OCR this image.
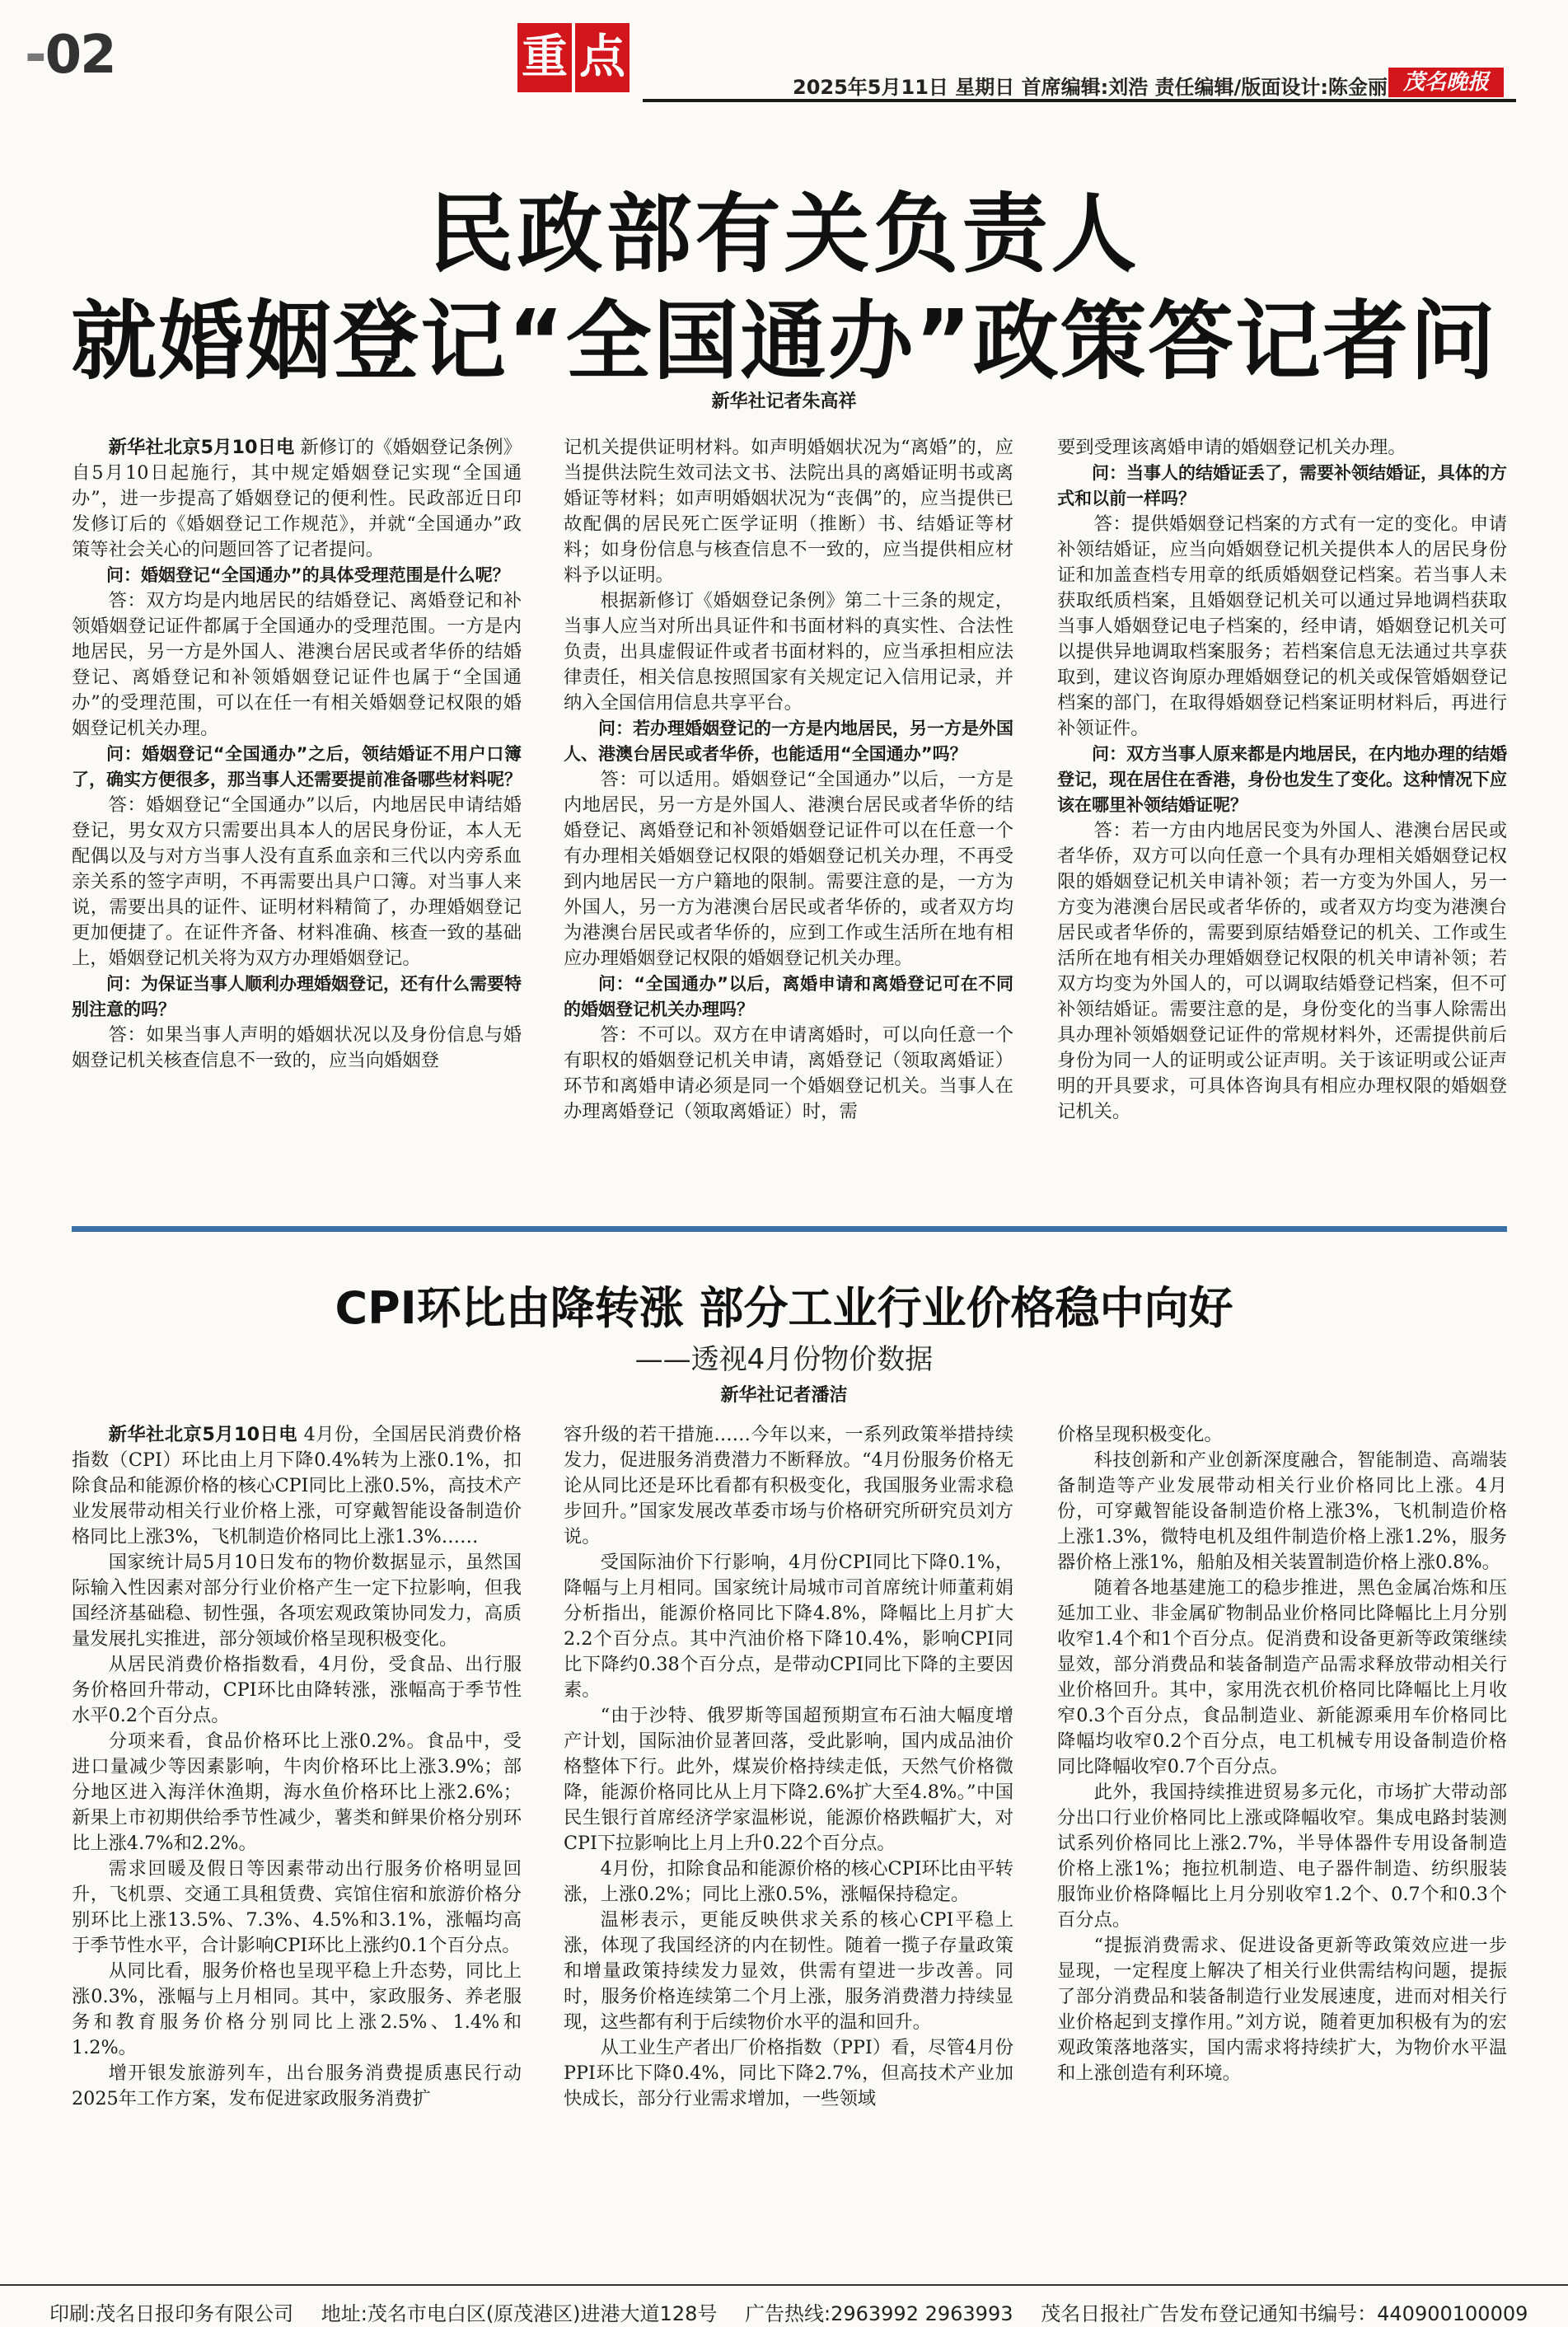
-02	重 点
2025年5月11日 星期日 首席编辑:刘浩 责任编辑/版面设计:陈金丽 茂名晚报
民政部有关负责人
就婚姻登记“全国通办”政策答记者问
新华社记者朱高祥

新华社北京5月10日电 新修订的《婚姻登记条例》自5月10日起施行，其中规定婚姻登记实现“全国通办”，进一步提高了婚姻登记的便利性。民政部近日印发修订后的《婚姻登记工作规范》，并就“全国通办”政策等社会关心的问题回答了记者提问。

问：婚姻登记“全国通办”的具体受理范围是什么呢？

答：双方均是内地居民的结婚登记、离婚登记和补领婚姻登记证件都属于全国通办的受理范围。一方是内地居民，另一方是外国人、港澳台居民或者华侨的结婚登记、离婚登记和补领婚姻登记证件也属于“全国通办”的受理范围，可以在任一有相关婚姻登记权限的婚姻登记机关办理。

问：婚姻登记“全国通办”之后，领结婚证不用户口簿了，确实方便很多，那当事人还需要提前准备哪些材料呢？

答：婚姻登记“全国通办”以后，内地居民申请结婚登记，男女双方只需要出具本人的居民身份证，本人无配偶以及与对方当事人没有直系血亲和三代以内旁系血亲关系的签字声明，不再需要出具户口簿。对当事人来说，需要出具的证件、证明材料精简了，办理婚姻登记更加便捷了。在证件齐备、材料准确、核查一致的基础上，婚姻登记机关将为双方办理婚姻登记。

问：为保证当事人顺利办理婚姻登记，还有什么需要特别注意的吗？

答：如果当事人声明的婚姻状况以及身份信息与婚姻登记机关核查信息不一致的，应当向婚姻登

记机关提供证明材料。如声明婚姻状况为“离婚”的，应当提供法院生效司法文书、法院出具的离婚证明书或离婚证等材料；如声明婚姻状况为“丧偶”的，应当提供已故配偶的居民死亡医学证明（推断）书、结婚证等材料；如身份信息与核查信息不一致的，应当提供相应材料予以证明。

根据新修订《婚姻登记条例》第二十三条的规定，当事人应当对所出具证件和书面材料的真实性、合法性负责，出具虚假证件或者书面材料的，应当承担相应法律责任，相关信息按照国家有关规定记入信用记录，并纳入全国信用信息共享平台。

问：若办理婚姻登记的一方是内地居民，另一方是外国人、港澳台居民或者华侨，也能适用“全国通办”吗？

答：可以适用。婚姻登记“全国通办”以后，一方是内地居民，另一方是外国人、港澳台居民或者华侨的结婚登记、离婚登记和补领婚姻登记证件可以在任意一个有办理相关婚姻登记权限的婚姻登记机关办理，不再受到内地居民一方户籍地的限制。需要注意的是，一方为外国人，另一方为港澳台居民或者华侨的，或者双方均为港澳台居民或者华侨的，应到工作或生活所在地有相应办理婚姻登记权限的婚姻登记机关办理。

问：“全国通办”以后，离婚申请和离婚登记可在不同的婚姻登记机关办理吗？

答：不可以。双方在申请离婚时，可以向任意一个有职权的婚姻登记机关申请，离婚登记（领取离婚证）环节和离婚申请必须是同一个婚姻登记机关。当事人在办理离婚登记（领取离婚证）时，需

要到受理该离婚申请的婚姻登记机关办理。

问：当事人的结婚证丢了，需要补领结婚证，具体的方式和以前一样吗？

答：提供婚姻登记档案的方式有一定的变化。申请补领结婚证，应当向婚姻登记机关提供本人的居民身份证和加盖查档专用章的纸质婚姻登记档案。若当事人未获取纸质档案，且婚姻登记机关可以通过异地调档获取当事人婚姻登记电子档案的，经申请，婚姻登记机关可以提供异地调取档案服务；若档案信息无法通过共享获取到，建议咨询原办理婚姻登记的机关或保管婚姻登记档案的部门，在取得婚姻登记档案证明材料后，再进行补领证件。

问：双方当事人原来都是内地居民，在内地办理的结婚登记，现在居住在香港，身份也发生了变化。这种情况下应该在哪里补领结婚证呢？

答：若一方由内地居民变为外国人、港澳台居民或者华侨，双方可以向任意一个具有办理相关婚姻登记权限的婚姻登记机关申请补领；若一方变为外国人，另一方变为港澳台居民或者华侨的，或者双方均变为港澳台居民或者华侨的，需要到原结婚登记的机关、工作或生活所在地有相关办理婚姻登记权限的机关申请补领；若双方均变为外国人的，可以调取结婚登记档案，但不可补领结婚证。需要注意的是，身份变化的当事人除需出具办理补领婚姻登记证件的常规材料外，还需提供前后身份为同一人的证明或公证声明。关于该证明或公证声明的开具要求，可具体咨询具有相应办理权限的婚姻登记机关。

CPI环比由降转涨 部分工业行业价格稳中向好
——透视4月份物价数据
新华社记者潘洁

新华社北京5月10日电 4月份，全国居民消费价格指数（CPI）环比由上月下降0.4%转为上涨0.1%，扣除食品和能源价格的核心CPI同比上涨0.5%，高技术产业发展带动相关行业价格上涨，可穿戴智能设备制造价格同比上涨3%，飞机制造价格同比上涨1.3%……

国家统计局5月10日发布的物价数据显示，虽然国际输入性因素对部分行业价格产生一定下拉影响，但我国经济基础稳、韧性强，各项宏观政策协同发力，高质量发展扎实推进，部分领域价格呈现积极变化。

从居民消费价格指数看，4月份，受食品、出行服务价格回升带动，CPI环比由降转涨，涨幅高于季节性水平0.2个百分点。

分项来看，食品价格环比上涨0.2%。食品中，受进口量减少等因素影响，牛肉价格环比上涨3.9%；部分地区进入海洋休渔期，海水鱼价格环比上涨2.6%；新果上市初期供给季节性减少，薯类和鲜果价格分别环比上涨4.7%和2.2%。

需求回暖及假日等因素带动出行服务价格明显回升，飞机票、交通工具租赁费、宾馆住宿和旅游价格分别环比上涨13.5%、7.3%、4.5%和3.1%，涨幅均高于季节性水平，合计影响CPI环比上涨约0.1个百分点。

从同比看，服务价格也呈现平稳上升态势，同比上涨0.3%，涨幅与上月相同。其中，家政服务、养老服务和教育服务价格分别同比上涨2.5%、1.4%和1.2%。

增开银发旅游列车，出台服务消费提质惠民行动2025年工作方案，发布促进家政服务消费扩

容升级的若干措施……今年以来，一系列政策举措持续发力，促进服务消费潜力不断释放。“4月份服务价格无论从同比还是环比看都有积极变化，我国服务业需求稳步回升。”国家发展改革委市场与价格研究所研究员刘方说。

受国际油价下行影响，4月份CPI同比下降0.1%，降幅与上月相同。国家统计局城市司首席统计师董莉娟分析指出，能源价格同比下降4.8%，降幅比上月扩大2.2个百分点。其中汽油价格下降10.4%，影响CPI同比下降约0.38个百分点，是带动CPI同比下降的主要因素。

“由于沙特、俄罗斯等国超预期宣布石油大幅度增产计划，国际油价显著回落，受此影响，国内成品油价格整体下行。此外，煤炭价格持续走低，天然气价格微降，能源价格同比从上月下降2.6%扩大至4.8%。”中国民生银行首席经济学家温彬说，能源价格跌幅扩大，对CPI下拉影响比上月上升0.22个百分点。

4月份，扣除食品和能源价格的核心CPI环比由平转涨，上涨0.2%；同比上涨0.5%，涨幅保持稳定。

温彬表示，更能反映供求关系的核心CPI平稳上涨，体现了我国经济的内在韧性。随着一揽子存量政策和增量政策持续发力显效，供需有望进一步改善。同时，服务价格连续第二个月上涨，服务消费潜力持续显现，这些都有利于后续物价水平的温和回升。

从工业生产者出厂价格指数（PPI）看，尽管4月份PPI环比下降0.4%，同比下降2.7%，但高技术产业加快成长，部分行业需求增加，一些领域

价格呈现积极变化。

科技创新和产业创新深度融合，智能制造、高端装备制造等产业发展带动相关行业价格同比上涨。4月份，可穿戴智能设备制造价格上涨3%，飞机制造价格上涨1.3%，微特电机及组件制造价格上涨1.2%，服务器价格上涨1%，船舶及相关装置制造价格上涨0.8%。

随着各地基建施工的稳步推进，黑色金属冶炼和压延加工业、非金属矿物制品业价格同比降幅比上月分别收窄1.4个和1个百分点。促消费和设备更新等政策继续显效，部分消费品和装备制造产品需求释放带动相关行业价格回升。其中，家用洗衣机价格同比降幅比上月收窄0.3个百分点，食品制造业、新能源乘用车价格同比降幅均收窄0.2个百分点，电工机械专用设备制造价格同比降幅收窄0.7个百分点。

此外，我国持续推进贸易多元化，市场扩大带动部分出口行业价格同比上涨或降幅收窄。集成电路封装测试系列价格同比上涨2.7%，半导体器件专用设备制造价格上涨1%；拖拉机制造、电子器件制造、纺织服装服饰业价格降幅比上月分别收窄1.2个、0.7个和0.3个百分点。

“提振消费需求、促进设备更新等政策效应进一步显现，一定程度上解决了相关行业供需结构问题，提振了部分消费品和装备制造行业发展速度，进而对相关行业价格起到支撑作用。”刘方说，随着更加积极有为的宏观政策落地落实，国内需求将持续扩大，为物价水平温和上涨创造有利环境。

印刷:茂名日报印务有限公司 地址:茂名市电白区(原茂港区)进港大道128号 广告热线:2963992 2963993 茂名日报社广告发布登记通知书编号：440900100009
